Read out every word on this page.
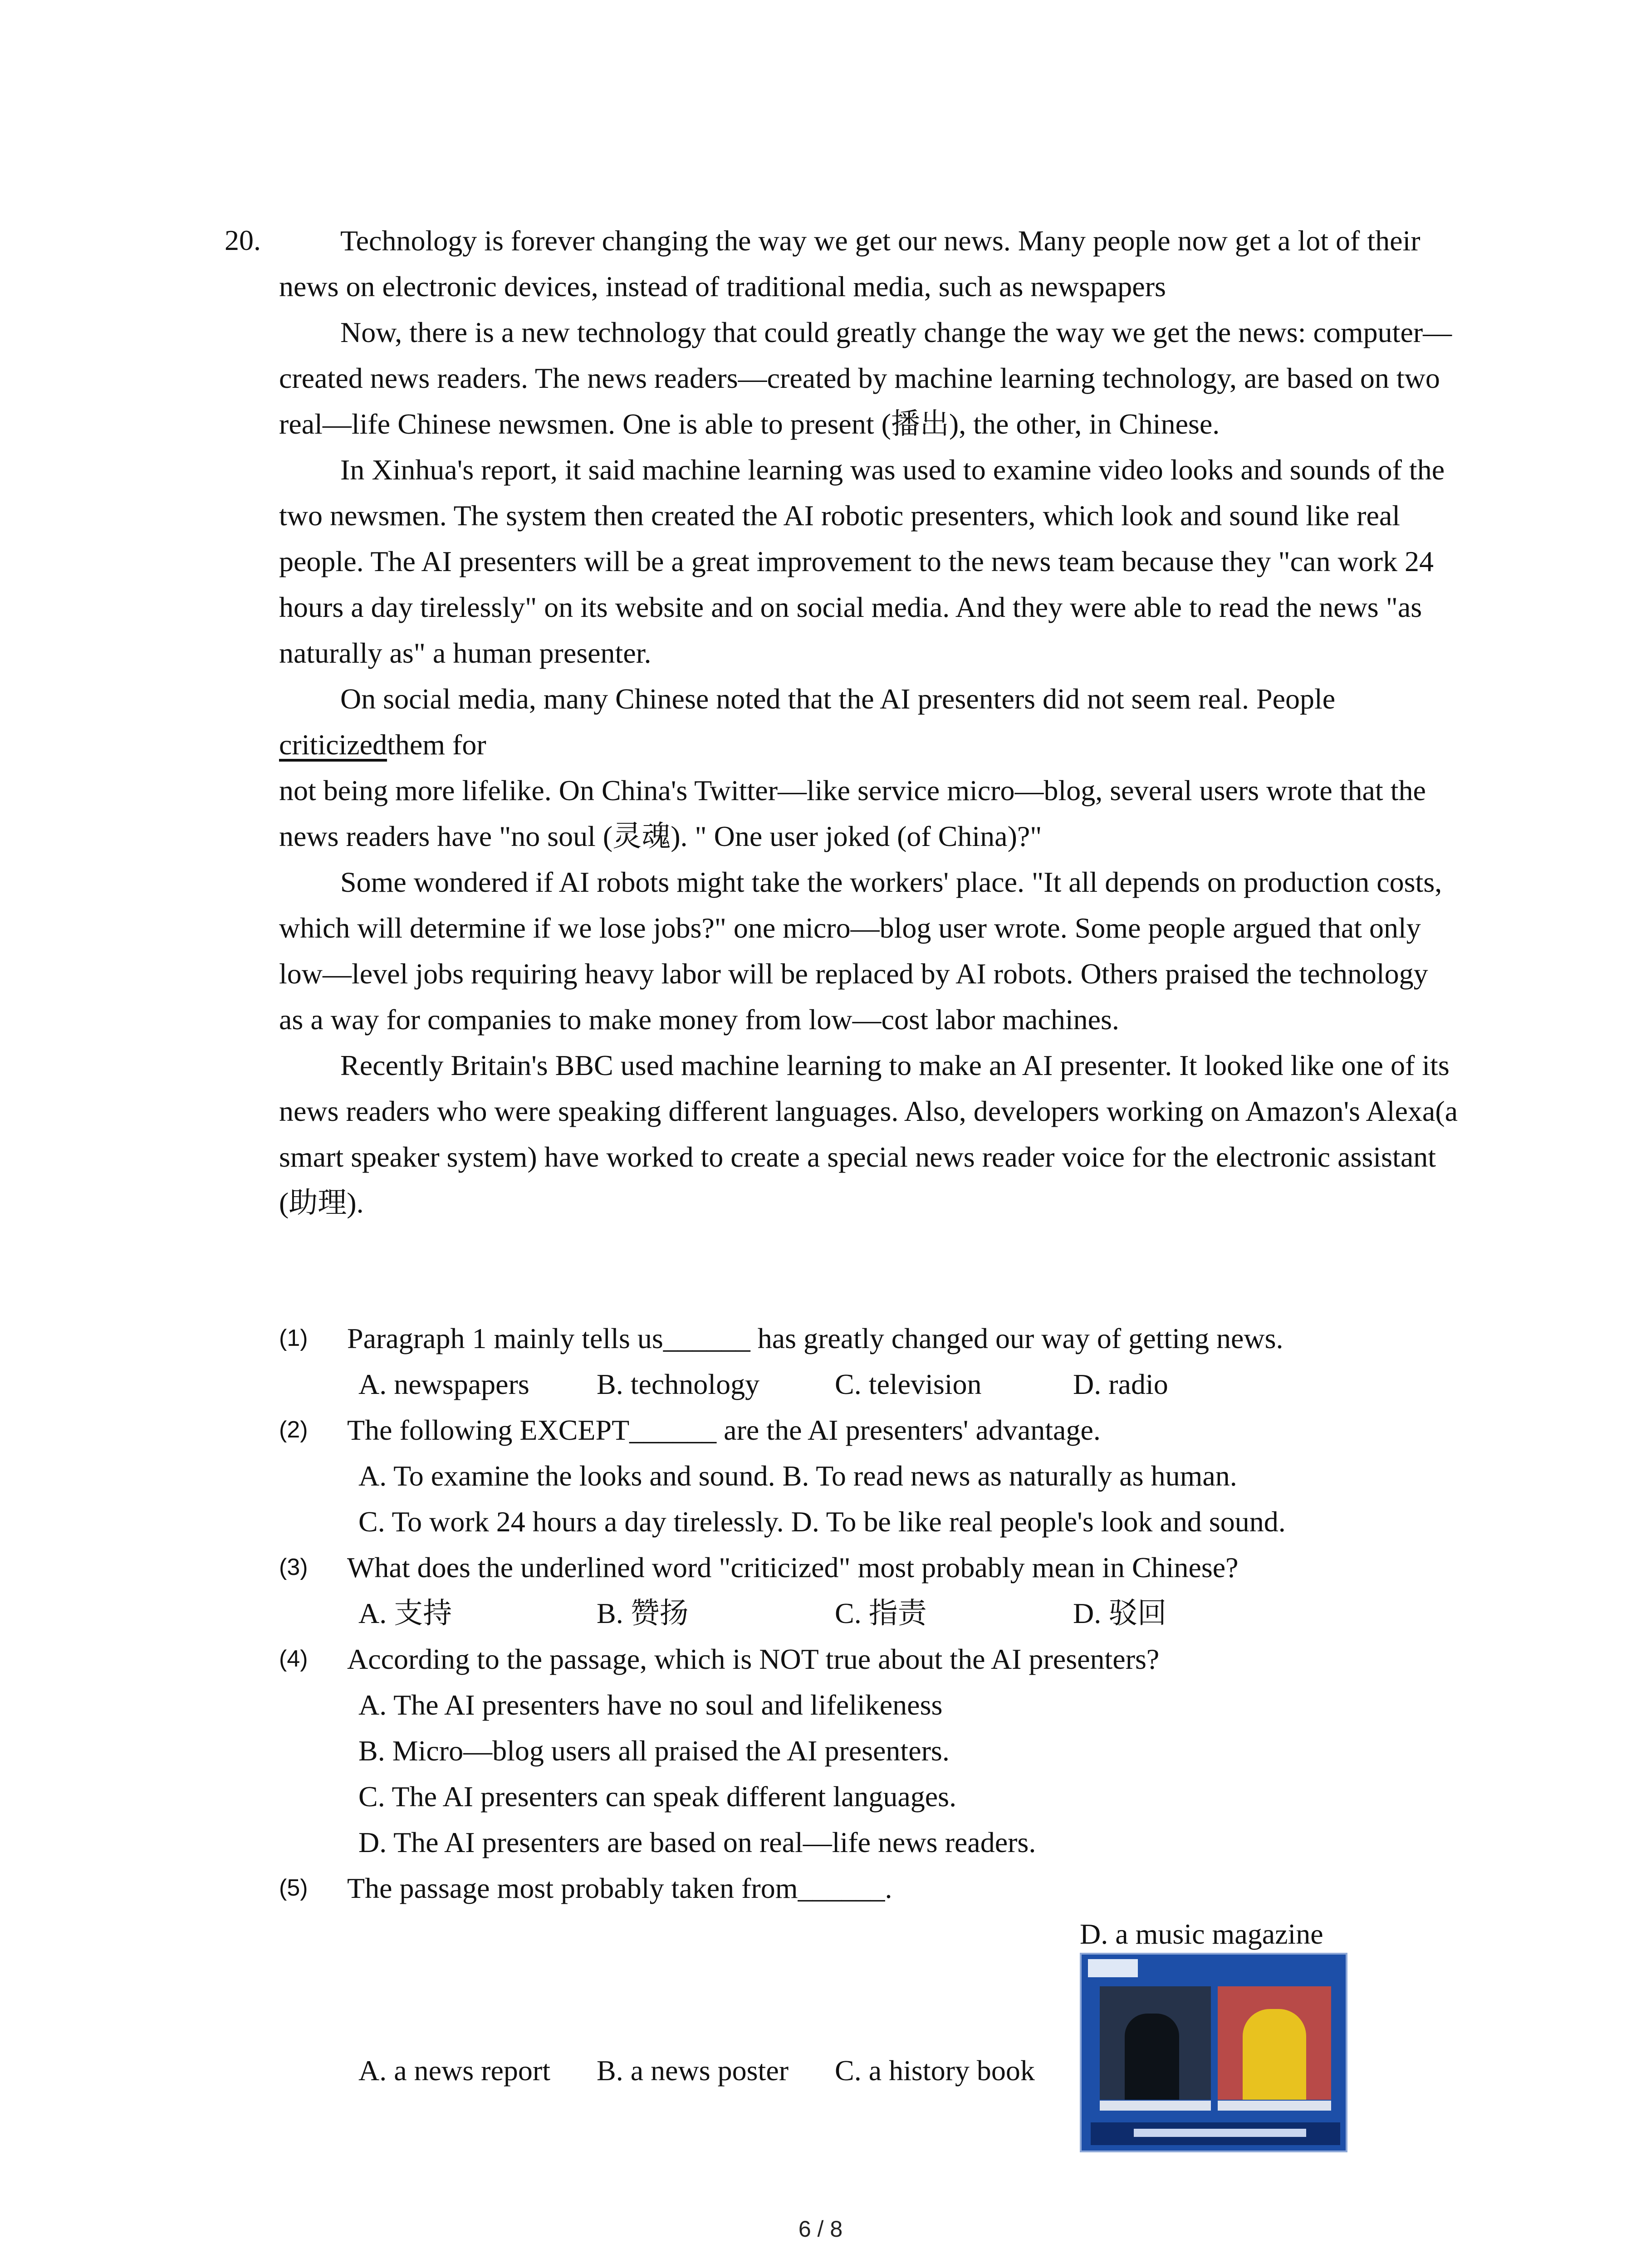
20.	Technology is forever changing the way we get our news. Many people now get a lot of their news on electronic devices, instead of traditional media, such as newspapers

Now, there is a new technology that could greatly change the way we get the news: computer—created news readers. The news readers—created by machine learning technology, are based on two real—life Chinese newsmen. One is able to present (播出), the other, in Chinese.

In Xinhua's report, it said machine learning was used to examine video looks and sounds of the two newsmen. The system then created the AI robotic presenters, which look and sound like real people. The AI presenters will be a great improvement to the news team because they "can work 24 hours a day tirelessly" on its website and on social media. And they were able to read the news "as naturally as" a human presenter.

On social media, many Chinese noted that the AI presenters did not seem real. People

criticizedthem for

not being more lifelike. On China's Twitter—like service micro—blog, several users wrote that the news readers have "no soul (灵魂). " One user joked (of China)?"

Some wondered if AI robots might take the workers' place. "It all depends on production costs, which will determine if we lose jobs?" one micro—blog user wrote. Some people argued that only low—level jobs requiring heavy labor will be replaced by AI robots. Others praised the technology as a way for companies to make money from low—cost labor machines.

Recently Britain's BBC used machine learning to make an AI presenter. It looked like one of its news readers who were speaking different languages. Also, developers working on Amazon's Alexa(a smart speaker system) have worked to create a special news reader voice for the electronic assistant (助理).

(1) Paragraph 1 mainly tells us______ has greatly changed our way of getting news.
A. newspapers B. technology	C. television	D. radio
(2) The following EXCEPT______ are the AI presenters' advantage.
A. To examine the looks and sound. B. To read news as naturally as human.
C. To work 24 hours a day tirelessly. D. To be like real people's look and sound.
(3) What does the underlined word "criticized" most probably mean in Chinese?
A. 支持	B. 赞扬	C. 指责	D. 驳回
(4) According to the passage, which is NOT true about the AI presenters?
A. The AI presenters have no soul and lifelikeness
B. Micro—blog users all praised the AI presenters.
C. The AI presenters can speak different languages.
D. The AI presenters are based on real—life news readers.
(5) The passage most probably taken from______.
D. a music magazine
A. a news report B. a news poster C. a history book
6 / 8
